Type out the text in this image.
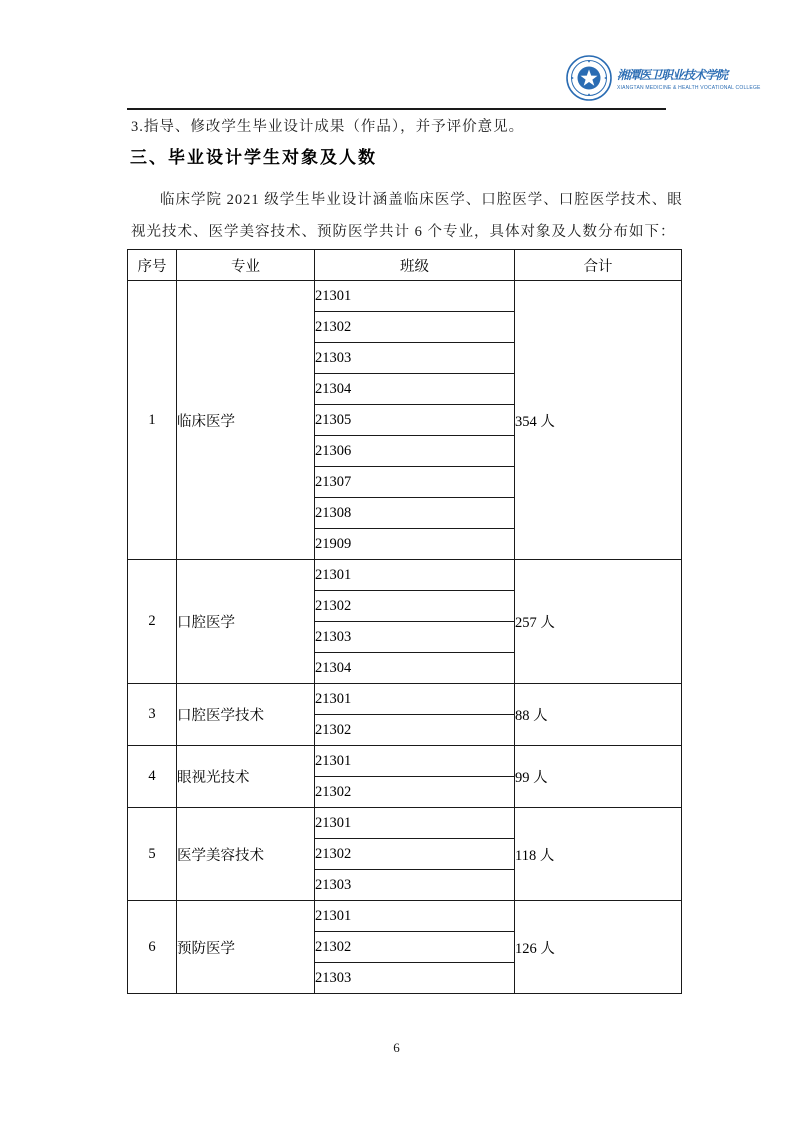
湘潭医卫职业技术学院
XIANGTAN MEDICINE & HEALTH VOCATIONAL COLLEGE
3.指导、修改学生毕业设计成果（作品），并予评价意见。
三、毕业设计学生对象及人数
临床学院 2021 级学生毕业设计涵盖临床医学、口腔医学、口腔医学技术、眼
视光技术、医学美容技术、预防医学共计 6 个专业，具体对象及人数分布如下：
序号	专业	班级	合计
1	临床医学	21301	354 人
		21302	
		21303	
		21304	
		21305	
		21306	
		21307	
		21308	
		21909	
2	口腔医学	21301	257 人
		21302	
		21303	
		21304	
3	口腔医学技术	21301	88 人
		21302	
4	眼视光技术	21301	99 人
		21302	
5	医学美容技术	21301	118 人
		21302	
		21303	
6	预防医学	21301	126 人
		21302	
		21303	
6
